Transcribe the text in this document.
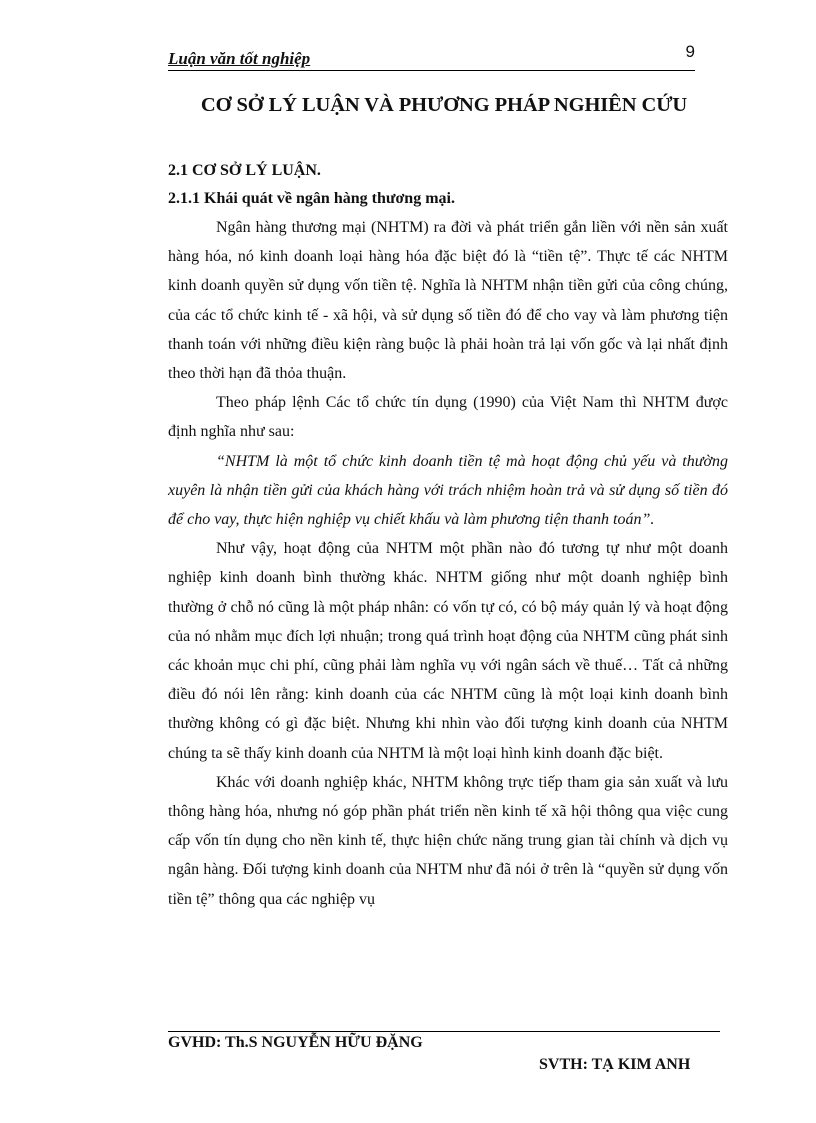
Luận văn tốt nghiệp	9
CƠ SỞ LÝ LUẬN VÀ PHƯƠNG PHÁP NGHIÊN CỨU

2.1 CƠ SỞ LÝ LUẬN.

2.1.1 Khái quát về ngân hàng thương mại.

Ngân hàng thương mại (NHTM) ra đời và phát triển gắn liền với nền sản xuất hàng hóa, nó kinh doanh loại hàng hóa đặc biệt đó là “tiền tệ”. Thực tế các NHTM kinh doanh quyền sử dụng vốn tiền tệ. Nghĩa là NHTM nhận tiền gửi của công chúng, của các tổ chức kinh tế - xã hội, và sử dụng số tiền đó để cho vay và làm phương tiện thanh toán với những điều kiện ràng buộc là phải hoàn trả lại vốn gốc và lại nhất định theo thời hạn đã thỏa thuận.

Theo pháp lệnh Các tổ chức tín dụng (1990) của Việt Nam thì NHTM được định nghĩa như sau:

“NHTM là một tổ chức kinh doanh tiền tệ mà hoạt động chủ yếu và thường xuyên là nhận tiền gửi của khách hàng với trách nhiệm hoàn trả và sử dụng số tiền đó để cho vay, thực hiện nghiệp vụ chiết khấu và làm phương tiện thanh toán”.

Như vậy, hoạt động của NHTM một phần nào đó tương tự như một doanh nghiệp kinh doanh bình thường khác. NHTM giống như một doanh nghiệp bình thường ở chỗ nó cũng là một pháp nhân: có vốn tự có, có bộ máy quản lý và hoạt động của nó nhằm mục đích lợi nhuận; trong quá trình hoạt động của NHTM cũng phát sinh các khoản mục chi phí, cũng phải làm nghĩa vụ với ngân sách về thuế… Tất cả những điều đó nói lên rằng: kinh doanh của các NHTM cũng là một loại kinh doanh bình thường không có gì đặc biệt. Nhưng khi nhìn vào đối tượng kinh doanh của NHTM chúng ta sẽ thấy kinh doanh của NHTM là một loại hình kinh doanh đặc biệt.

Khác với doanh nghiệp khác, NHTM không trực tiếp tham gia sản xuất và lưu thông hàng hóa, nhưng nó góp phần phát triển nền kinh tế xã hội thông qua việc cung cấp vốn tín dụng cho nền kinh tế, thực hiện chức năng trung gian tài chính và dịch vụ ngân hàng. Đối tượng kinh doanh của NHTM như đã nói ở trên là “quyền sử dụng vốn tiền tệ” thông qua các nghiệp vụ

GVHD: Th.S NGUYỄN HỮU ĐẶNG
SVTH: TẠ KIM ANH
